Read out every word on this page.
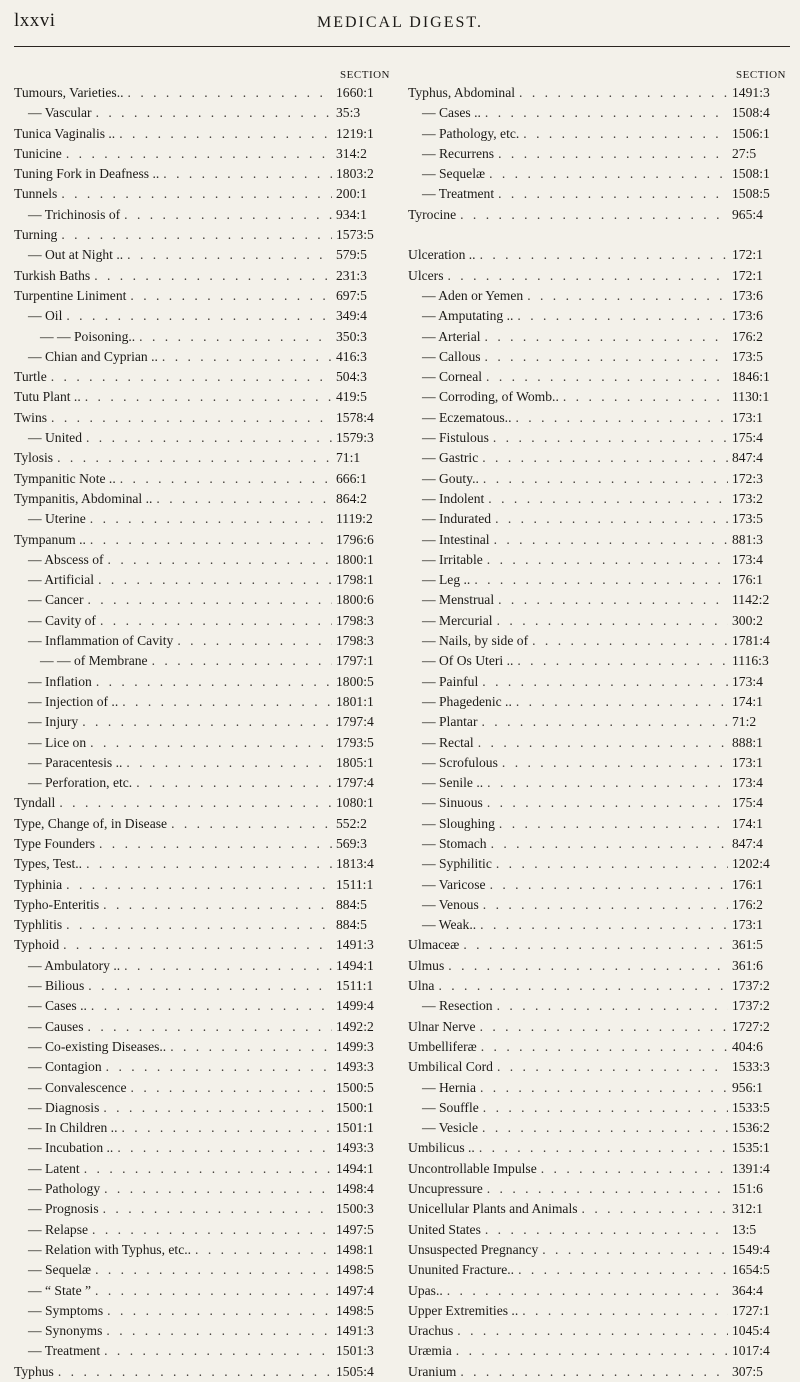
lxxvi	MEDICAL DIGEST.
SECTION
Tumours, Varieties.. . . .	1660:1
— Vascular . . .	35:3
Tunica Vaginalis .. . . .	1219:1
Tunicine . . .	314:2
Tuning Fork in Deafness .. . . .	1803:2
Tunnels . . .	200:1
— Trichinosis of . . .	934:1
Turning . . .	1573:5
— Out at Night .. . . .	579:5
Turkish Baths . . .	231:3
Turpentine Liniment . . .	697:5
— Oil . . .	349:4
— — Poisoning.. . . .	350:3
— Chian and Cyprian .. . . .	416:3
Turtle . . .	504:3
Tutu Plant .. . . .	419:5
Twins . . .	1578:4
— United . . .	1579:3
Tylosis . . .	71:1
Tympanitic Note .. . . .	666:1
Tympanitis, Abdominal .. . . .	864:2
— Uterine . . .	1119:2
Tympanum .. . . .	1796:6
— Abscess of . . .	1800:1
— Artificial . . .	1798:1
— Cancer . . .	1800:6
— Cavity of . . .	1798:3
— Inflammation of Cavity . . .	1798:3
— — of Membrane . . .	1797:1
— Inflation . . .	1800:5
— Injection of .. . . .	1801:1
— Injury . . .	1797:4
— Lice on . . .	1793:5
— Paracentesis .. . . .	1805:1
— Perforation, etc. . . .	1797:4
Tyndall . . .	1080:1
Type, Change of, in Disease . . .	552:2
Type Founders . . .	569:3
Types, Test.. . . .	1813:4
Typhinia . . .	1511:1
Typho-Enteritis . . .	884:5
Typhlitis . . .	884:5
Typhoid . . .	1491:3
— Ambulatory .. . . .	1494:1
— Bilious . . .	1511:1
— Cases .. . . .	1499:4
— Causes . . .	1492:2
— Co-existing Diseases.. . . .	1499:3
— Contagion . . .	1493:3
— Convalescence . . .	1500:5
— Diagnosis . . .	1500:1
— In Children .. . . .	1501:1
— Incubation .. . . .	1493:3
— Latent . . .	1494:1
— Pathology . . .	1498:4
— Prognosis . . .	1500:3
— Relapse . . .	1497:5
— Relation with Typhus, etc.. . . .	1498:1
— Sequelæ . . .	1498:5
— “ State ” . . .	1497:4
— Symptoms . . .	1498:5
— Synonyms . . .	1491:3
— Treatment . . .	1501:3
Typhus . . .	1505:4
SECTION
Typhus, Abdominal . . .	1491:3
— Cases .. . . .	1508:4
— Pathology, etc. . . .	1506:1
— Recurrens . . .	27:5
— Sequelæ . . .	1508:1
— Treatment . . .	1508:5
Tyrocine . . .	965:4
Ulceration .. . . .	172:1
Ulcers . . .	172:1
— Aden or Yemen . . .	173:6
— Amputating .. . . .	173:6
— Arterial . . .	176:2
— Callous . . .	173:5
— Corneal . . .	1846:1
— Corroding, of Womb.. . . .	1130:1
— Eczematous.. . . .	173:1
— Fistulous . . .	175:4
— Gastric . . .	847:4
— Gouty.. . . .	172:3
— Indolent . . .	173:2
— Indurated . . .	173:5
— Intestinal . . .	881:3
— Irritable . . .	173:4
— Leg .. . . .	176:1
— Menstrual . . .	1142:2
— Mercurial . . .	300:2
— Nails, by side of . . .	1781:4
— Of Os Uteri .. . . .	1116:3
— Painful . . .	173:4
— Phagedenic .. . . .	174:1
— Plantar . . .	71:2
— Rectal . . .	888:1
— Scrofulous . . .	173:1
— Senile .. . . .	173:4
— Sinuous . . .	175:4
— Sloughing . . .	174:1
— Stomach . . .	847:4
— Syphilitic . . .	1202:4
— Varicose . . .	176:1
— Venous . . .	176:2
— Weak.. . . .	173:1
Ulmaceæ . . .	361:5
Ulmus . . .	361:6
Ulna . . .	1737:2
— Resection . . .	1737:2
Ulnar Nerve . . .	1727:2
Umbelliferæ . . .	404:6
Umbilical Cord . . .	1533:3
— Hernia . . .	956:1
— Souffle . . .	1533:5
— Vesicle . . .	1536:2
Umbilicus .. . . .	1535:1
Uncontrollable Impulse . . .	1391:4
Uncupressure . . .	151:6
Unicellular Plants and Animals . . .	312:1
United States . . .	13:5
Unsuspected Pregnancy . . .	1549:4
Ununited Fracture.. . . .	1654:5
Upas.. . . .	364:4
Upper Extremities .. . . .	1727:1
Urachus . . .	1045:4
Uræmia . . .	1017:4
Uranium . . .	307:5
